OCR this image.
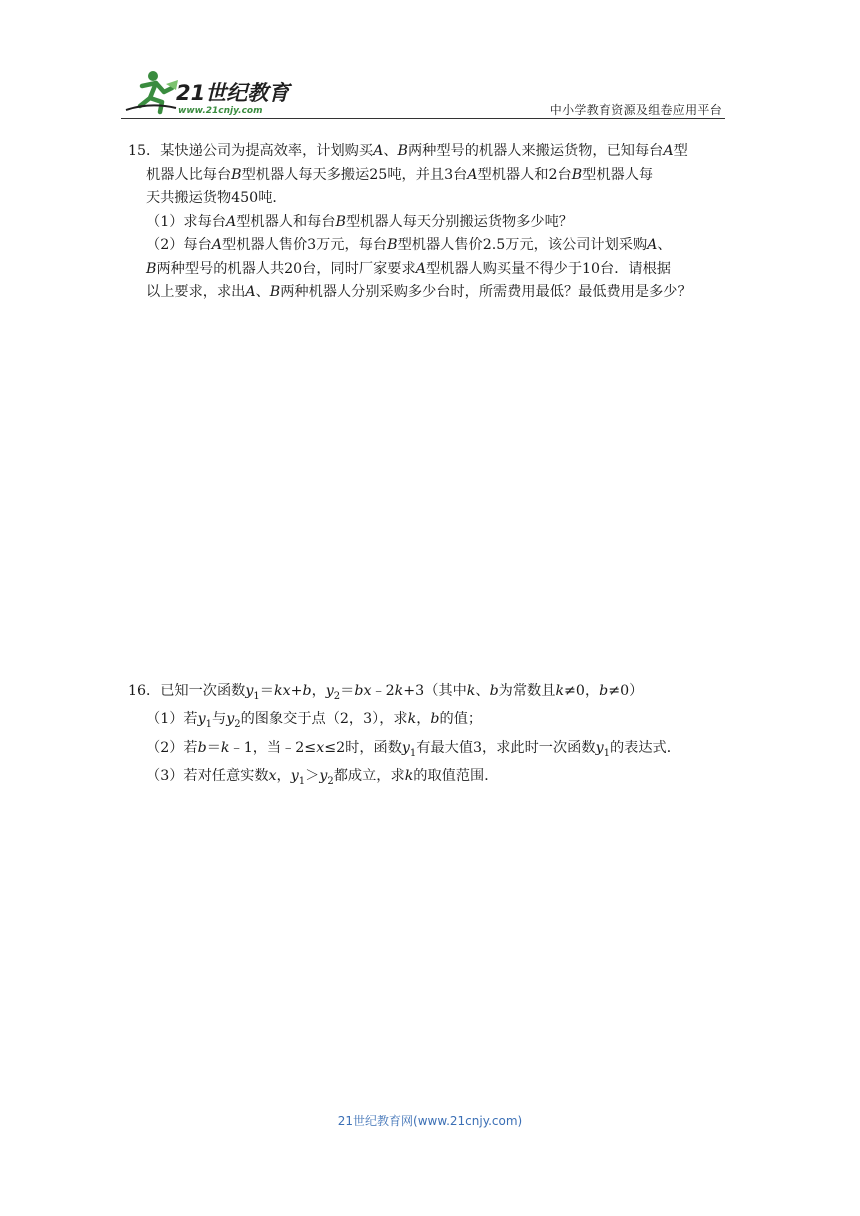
21世纪教育
www.21cnjy.com	中小学教育资源及组卷应用平台

15．某快递公司为提高效率，计划购买A、B两种型号的机器人来搬运货物，已知每台A型

机器人比每台B型机器人每天多搬运25吨，并且3台A型机器人和2台B型机器人每

天共搬运货物450吨．

（1）求每台A型机器人和每台B型机器人每天分别搬运货物多少吨？

（2）每台A型机器人售价3万元，每台B型机器人售价2.5万元，该公司计划采购A、

B两种型号的机器人共20台，同时厂家要求A型机器人购买量不得少于10台．请根据

以上要求，求出A、B两种机器人分别采购多少台时，所需费用最低？最低费用是多少？

16．已知一次函数$y_1=kx+b$，$y_2=bx﹣2k+3$（其中k、b为常数且k≠0，b≠0）

（1）若$y_1$与$y_2$的图象交于点（2，3），求k，b的值；

（2）若b＝k﹣1，当﹣2≤x≤2时，函数$y_1$有最大值3，求此时一次函数$y_1$的表达式．

（3）若对任意实数x，$y_1>y_2$都成立，求k的取值范围．

21世纪教育网(www.21cnjy.com)
